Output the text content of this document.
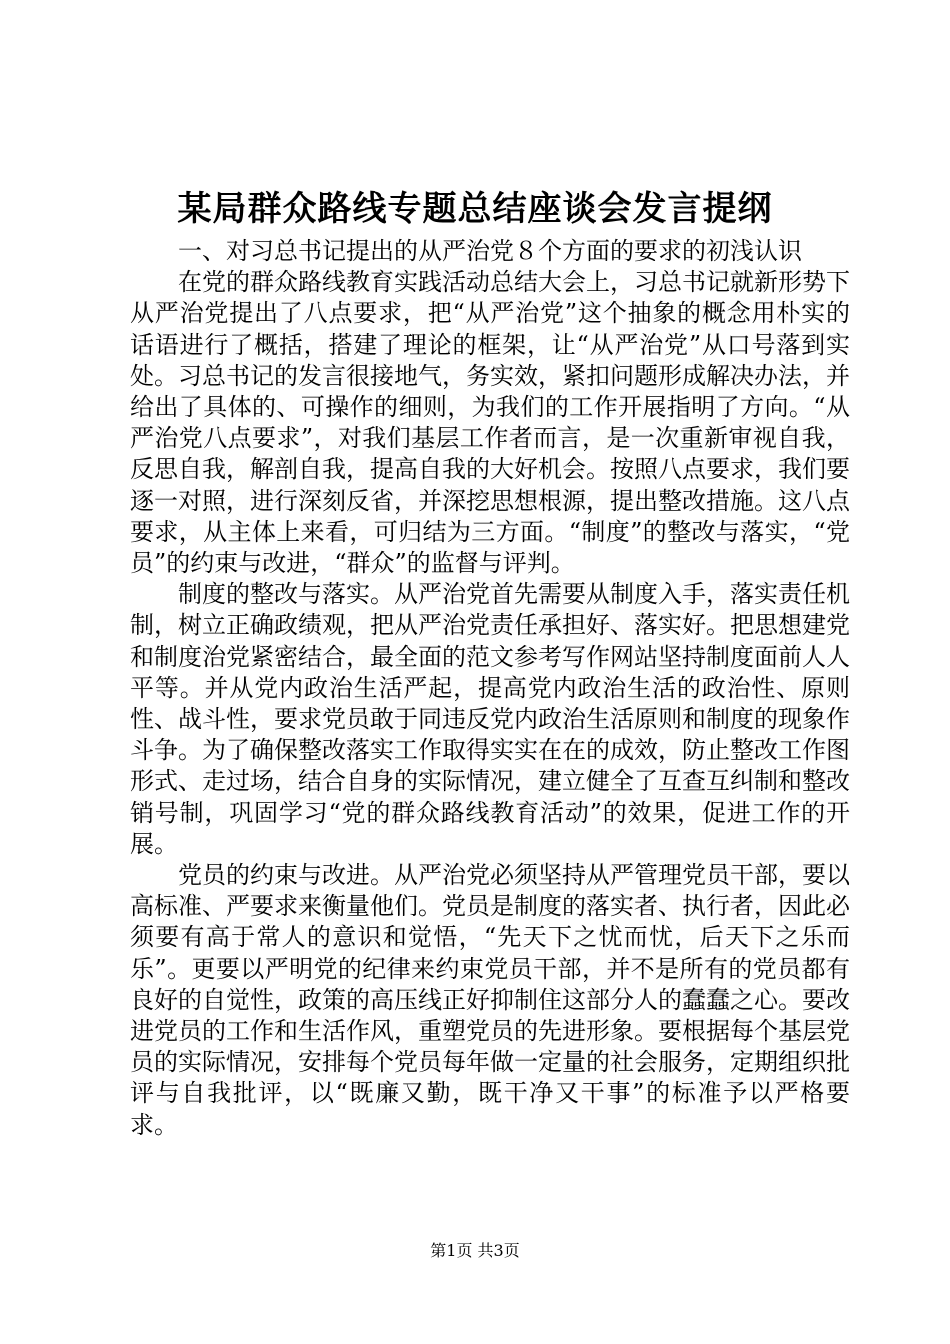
某局群众路线专题总结座谈会发言提纲

一、对习总书记提出的从严治党８个方面的要求的初浅认识

在党的群众路线教育实践活动总结大会上，习总书记就新形势下从严治党提出了八点要求，把“从严治党”这个抽象的概念用朴实的话语进行了概括，搭建了理论的框架，让“从严治党”从口号落到实处。习总书记的发言很接地气，务实效，紧扣问题形成解决办法，并给出了具体的、可操作的细则，为我们的工作开展指明了方向。“从严治党八点要求”，对我们基层工作者而言，是一次重新审视自我，反思自我，解剖自我，提高自我的大好机会。按照八点要求，我们要逐一对照，进行深刻反省，并深挖思想根源，提出整改措施。这八点要求，从主体上来看，可归结为三方面。“制度”的整改与落实，“党员”的约束与改进，“群众”的监督与评判。

制度的整改与落实。从严治党首先需要从制度入手，落实责任机制，树立正确政绩观，把从严治党责任承担好、落实好。把思想建党和制度治党紧密结合，最全面的范文参考写作网站坚持制度面前人人平等。并从党内政治生活严起，提高党内政治生活的政治性、原则性、战斗性，要求党员敢于同违反党内政治生活原则和制度的现象作斗争。为了确保整改落实工作取得实实在在的成效，防止整改工作图形式、走过场，结合自身的实际情况，建立健全了互查互纠制和整改销号制，巩固学习“党的群众路线教育活动”的效果，促进工作的开展。

党员的约束与改进。从严治党必须坚持从严管理党员干部，要以高标准、严要求来衡量他们。党员是制度的落实者、执行者，因此必须要有高于常人的意识和觉悟，“先天下之忧而忧，后天下之乐而乐”。更要以严明党的纪律来约束党员干部，并不是所有的党员都有良好的自觉性，政策的高压线正好抑制住这部分人的蠢蠢之心。要改进党员的工作和生活作风，重塑党员的先进形象。要根据每个基层党员的实际情况，安排每个党员每年做一定量的社会服务，定期组织批评与自我批评，以“既廉又勤，既干净又干事”的标准予以严格要求。

第1页 共3页
